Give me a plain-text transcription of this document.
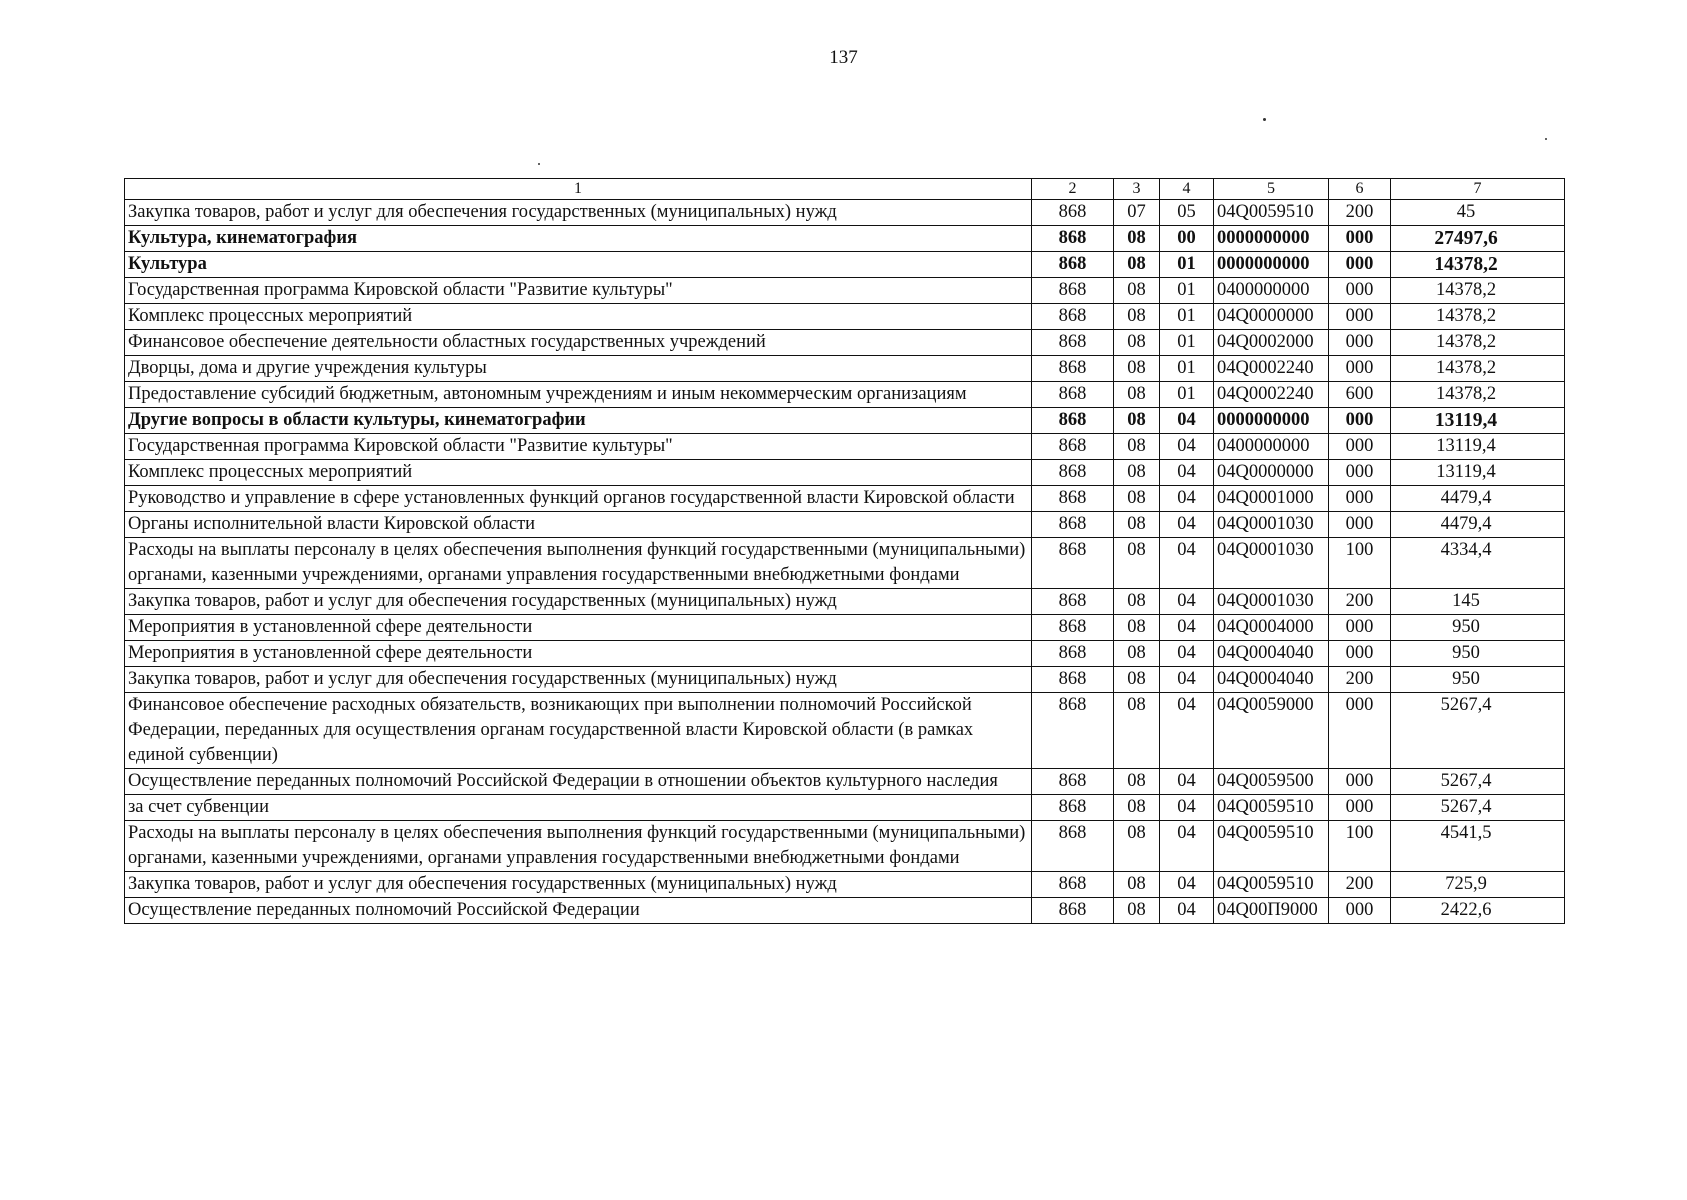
137
1	2	3	4	5	6	7
Закупка товаров, работ и услуг для обеспечения государственных (муниципальных) нужд	868	07	05	04Q0059510	200	45
Культура, кинематография	868	08	00	0000000000	000	27497,6
Культура	868	08	01	0000000000	000	14378,2
Государственная программа Кировской области "Развитие культуры"	868	08	01	0400000000	000	14378,2
Комплекс процессных мероприятий	868	08	01	04Q0000000	000	14378,2
Финансовое обеспечение деятельности областных государственных учреждений	868	08	01	04Q0002000	000	14378,2
Дворцы, дома и другие учреждения культуры	868	08	01	04Q0002240	000	14378,2
Предоставление субсидий бюджетным, автономным учреждениям и иным некоммерческим организациям	868	08	01	04Q0002240	600	14378,2
Другие вопросы в области культуры, кинематографии	868	08	04	0000000000	000	13119,4
Государственная программа Кировской области "Развитие культуры"	868	08	04	0400000000	000	13119,4
Комплекс процессных мероприятий	868	08	04	04Q0000000	000	13119,4
Руководство и управление в сфере установленных функций органов государственной власти Кировской области	868	08	04	04Q0001000	000	4479,4
Органы исполнительной власти Кировской области	868	08	04	04Q0001030	000	4479,4
Расходы на выплаты персоналу в целях обеспечения выполнения функций государственными (муниципальными) органами, казенными учреждениями, органами управления государственными внебюджетными фондами	868	08	04	04Q0001030	100	4334,4
Закупка товаров, работ и услуг для обеспечения государственных (муниципальных) нужд	868	08	04	04Q0001030	200	145
Мероприятия в установленной сфере деятельности	868	08	04	04Q0004000	000	950
Мероприятия в установленной сфере деятельности	868	08	04	04Q0004040	000	950
Закупка товаров, работ и услуг для обеспечения государственных (муниципальных) нужд	868	08	04	04Q0004040	200	950
Финансовое обеспечение расходных обязательств, возникающих при выполнении полномочий Российской Федерации, переданных для осуществления органам государственной власти Кировской области (в рамках единой субвенции)	868	08	04	04Q0059000	000	5267,4
Осуществление переданных полномочий Российской Федерации в отношении объектов культурного наследия	868	08	04	04Q0059500	000	5267,4
за счет субвенции	868	08	04	04Q0059510	000	5267,4
Расходы на выплаты персоналу в целях обеспечения выполнения функций государственными (муниципальными) органами, казенными учреждениями, органами управления государственными внебюджетными фондами	868	08	04	04Q0059510	100	4541,5
Закупка товаров, работ и услуг для обеспечения государственных (муниципальных) нужд	868	08	04	04Q0059510	200	725,9
Осуществление переданных полномочий Российской Федерации	868	08	04	04Q00П9000	000	2422,6
